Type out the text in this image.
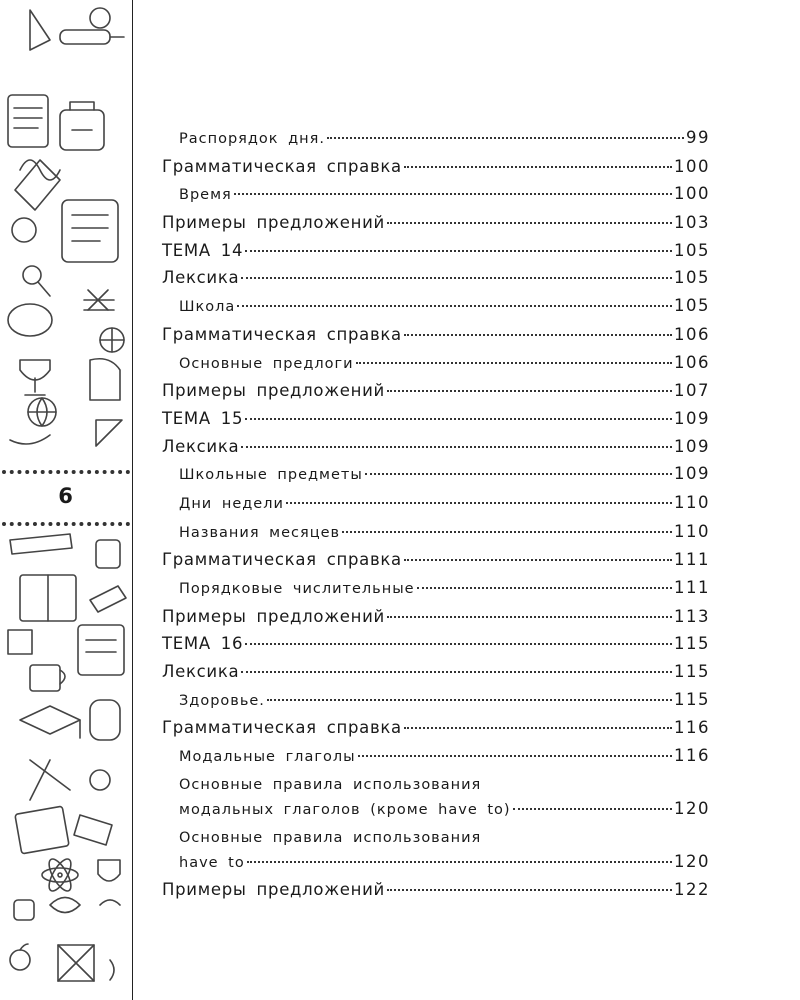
6
Распорядок дня.	99
Грамматическая справка	100
Время	100
Примеры предложений	103
ТЕМА 14	105
Лексика	105
Школа	105
Грамматическая справка	106
Основные предлоги	106
Примеры предложений	107
ТЕМА 15	109
Лексика	109
Школьные предметы	109
Дни недели	110
Названия месяцев	110
Грамматическая справка	111
Порядковые числительные	111
Примеры предложений	113
ТЕМА 16	115
Лексика	115
Здоровье.	115
Грамматическая справка	116
Модальные глаголы	116
Основные правила использования
модальных глаголов (кроме have to)	120
Основные правила использования
have to	120
Примеры предложений	122
